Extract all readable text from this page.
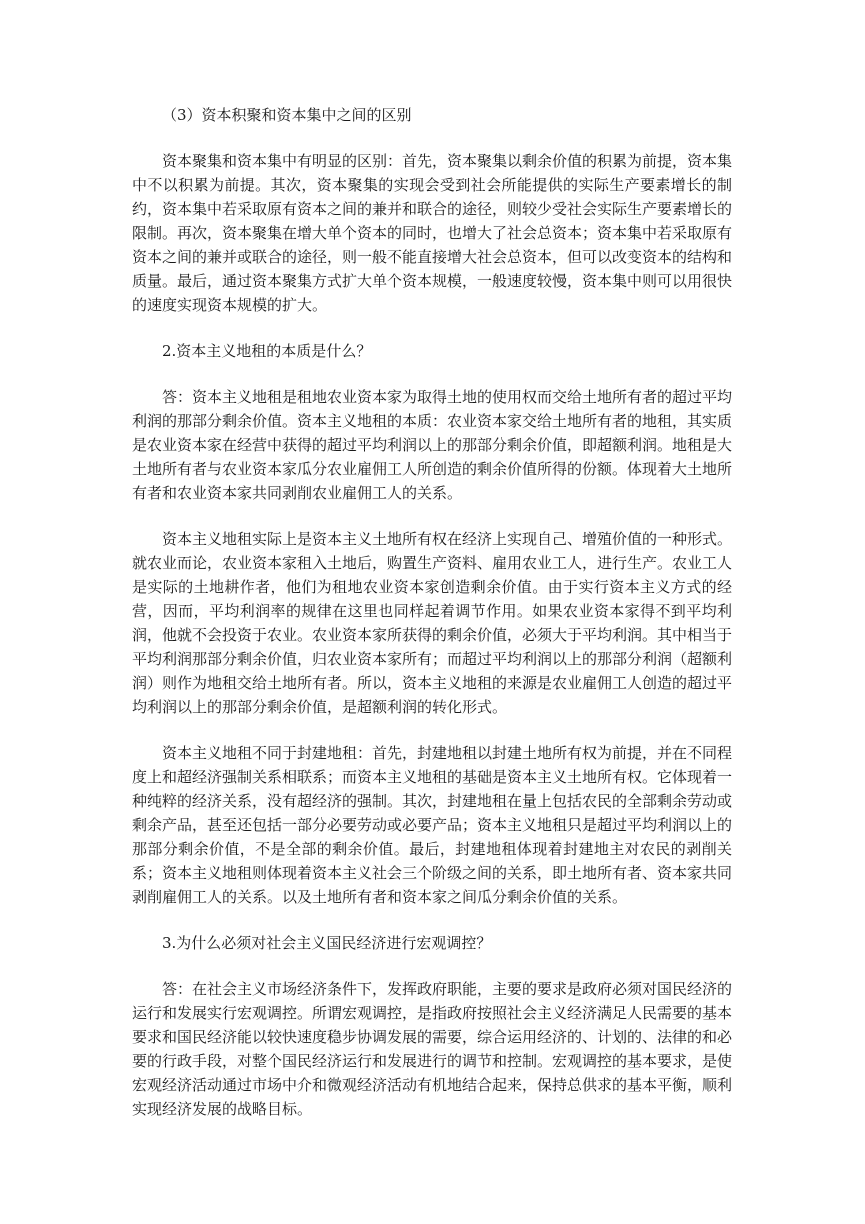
（3）资本积聚和资本集中之间的区别

资本聚集和资本集中有明显的区别：首先，资本聚集以剩余价值的积累为前提，资本集中不以积累为前提。其次，资本聚集的实现会受到社会所能提供的实际生产要素增长的制约，资本集中若采取原有资本之间的兼并和联合的途径，则较少受社会实际生产要素增长的限制。再次，资本聚集在增大单个资本的同时，也增大了社会总资本；资本集中若采取原有资本之间的兼并或联合的途径，则一般不能直接增大社会总资本，但可以改变资本的结构和质量。最后，通过资本聚集方式扩大单个资本规模，一般速度较慢，资本集中则可以用很快的速度实现资本规模的扩大。

2.资本主义地租的本质是什么？

答：资本主义地租是租地农业资本家为取得土地的使用权而交给土地所有者的超过平均利润的那部分剩余价值。资本主义地租的本质：农业资本家交给土地所有者的地租，其实质是农业资本家在经营中获得的超过平均利润以上的那部分剩余价值，即超额利润。地租是大土地所有者与农业资本家瓜分农业雇佣工人所创造的剩余价值所得的份额。体现着大土地所有者和农业资本家共同剥削农业雇佣工人的关系。

资本主义地租实际上是资本主义土地所有权在经济上实现自己、增殖价值的一种形式。就农业而论，农业资本家租入土地后，购置生产资料、雇用农业工人，进行生产。农业工人是实际的土地耕作者，他们为租地农业资本家创造剩余价值。由于实行资本主义方式的经营，因而，平均利润率的规律在这里也同样起着调节作用。如果农业资本家得不到平均利润，他就不会投资于农业。农业资本家所获得的剩余价值，必须大于平均利润。其中相当于平均利润那部分剩余价值，归农业资本家所有；而超过平均利润以上的那部分利润（超额利润）则作为地租交给土地所有者。所以，资本主义地租的来源是农业雇佣工人创造的超过平均利润以上的那部分剩余价值，是超额利润的转化形式。

资本主义地租不同于封建地租：首先，封建地租以封建土地所有权为前提，并在不同程度上和超经济强制关系相联系；而资本主义地租的基础是资本主义土地所有权。它体现着一种纯粹的经济关系，没有超经济的强制。其次，封建地租在量上包括农民的全部剩余劳动或剩余产品，甚至还包括一部分必要劳动或必要产品；资本主义地租只是超过平均利润以上的那部分剩余价值，不是全部的剩余价值。最后，封建地租体现着封建地主对农民的剥削关系；资本主义地租则体现着资本主义社会三个阶级之间的关系，即土地所有者、资本家共同剥削雇佣工人的关系。以及土地所有者和资本家之间瓜分剩余价值的关系。

3.为什么必须对社会主义国民经济进行宏观调控？

答：在社会主义市场经济条件下，发挥政府职能，主要的要求是政府必须对国民经济的运行和发展实行宏观调控。所谓宏观调控，是指政府按照社会主义经济满足人民需要的基本要求和国民经济能以较快速度稳步协调发展的需要，综合运用经济的、计划的、法律的和必要的行政手段，对整个国民经济运行和发展进行的调节和控制。宏观调控的基本要求，是使宏观经济活动通过市场中介和微观经济活动有机地结合起来，保持总供求的基本平衡，顺利实现经济发展的战略目标。
